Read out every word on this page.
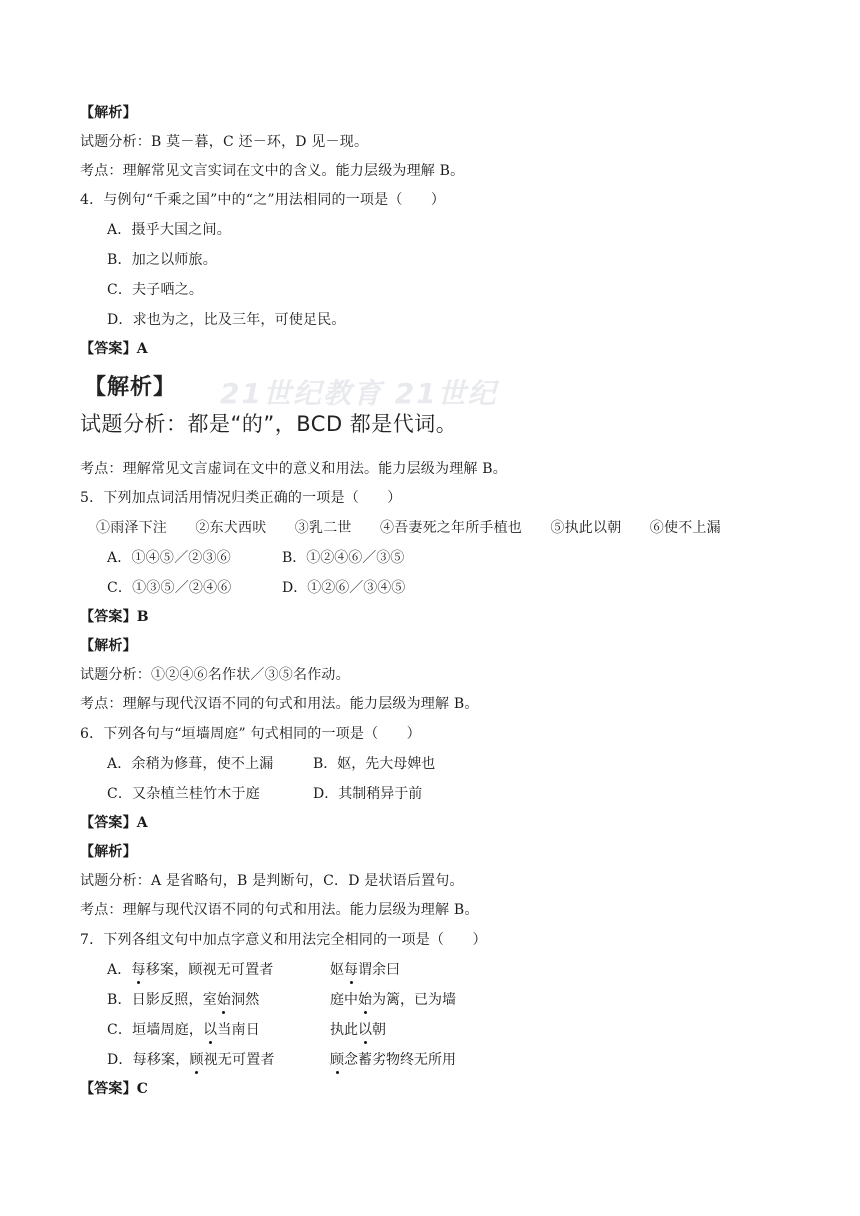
【解析】
试题分析：B 莫－暮，C 还－环，D 见－现。
考点：理解常见文言实词在文中的含义。能力层级为理解 B。
4．与例句“千乘之国”中的“之”用法相同的一项是（　　）
A．摄乎大国之间。
B．加之以师旅。
C．夫子哂之。
D．求也为之，比及三年，可使足民。
【答案】A
21世纪教育 21世纪
【解析】
试题分析：都是“的”，BCD 都是代词。
考点：理解常见文言虚词在文中的意义和用法。能力层级为理解 B。
5．下列加点词活用情况归类正确的一项是（　　）
①雨泽下注　　②东犬西吠　　③乳二世　　④吾妻死之年所手植也　　⑤执此以朝　　⑥使不上漏
A．①④⑤／②③⑥	B．①②④⑥／③⑤
C．①③⑤／②④⑥	D．①②⑥／③④⑤
【答案】B
【解析】
试题分析：①②④⑥名作状／③⑤名作动。
考点：理解与现代汉语不同的句式和用法。能力层级为理解 B。
6．下列各句与“垣墙周庭” 句式相同的一项是（　　）
A．余稍为修葺，使不上漏	B．妪，先大母婢也
C．又杂植兰桂竹木于庭	D．其制稍异于前
【答案】A
【解析】
试题分析：A 是省略句，B 是判断句，C．D 是状语后置句。
考点：理解与现代汉语不同的句式和用法。能力层级为理解 B。
7．下列各组文句中加点字意义和用法完全相同的一项是（　　）
A．每移案，顾视无可置者	妪每谓余曰
B．日影反照，室始洞然	庭中始为篱，已为墙
C．垣墙周庭，以当南日	执此以朝
D．每移案，顾视无可置者	顾念蓄劣物终无所用
【答案】C
